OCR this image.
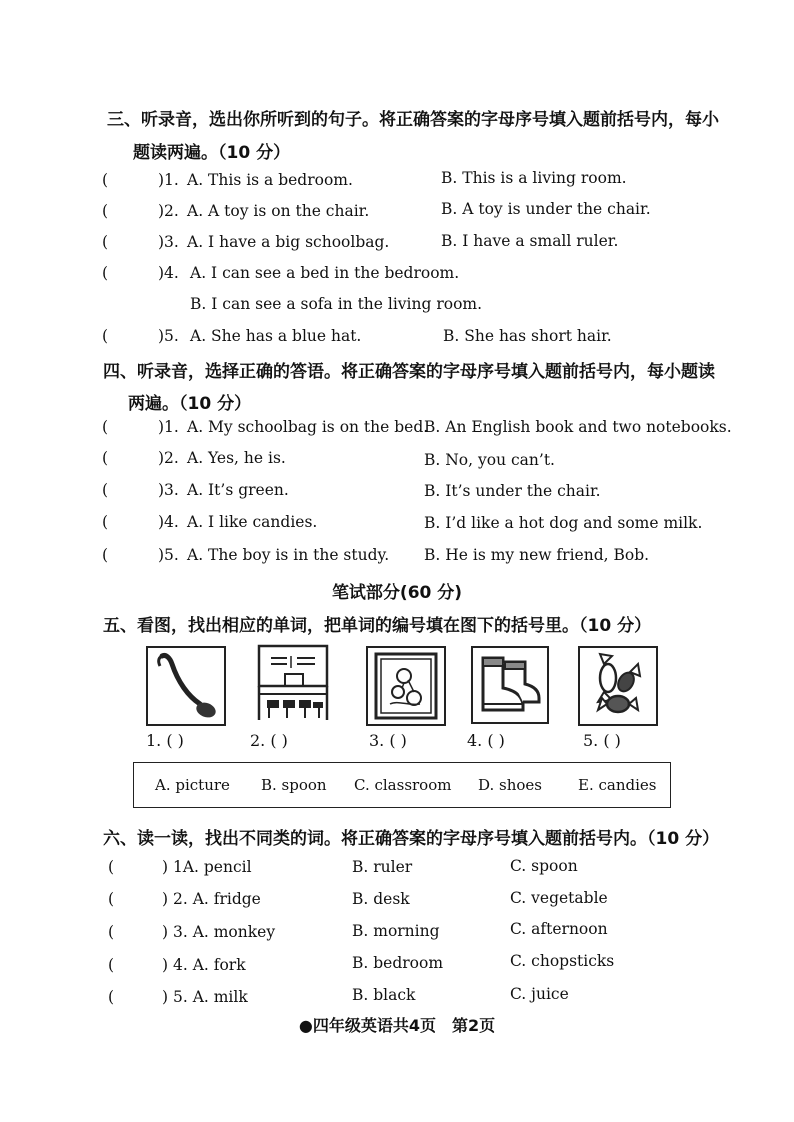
三、听录音，选出你所听到的句子。将正确答案的字母序号填入题前括号内，每小
题读两遍。（10 分）
(	)1. A. This is a bedroom.	B. This is a living room.
(	)2. A. A toy is on the chair.	B. A toy is under the chair.
(	)3. A. I have a big schoolbag.	B. I have a small ruler.
(	)4. A. I can see a bed in the bedroom.
B. I can see a sofa in the living room.
(	)5. A. She has a blue hat.	B. She has short hair.
四、听录音，选择正确的答语。将正确答案的字母序号填入题前括号内，每小题读
两遍。（10 分）
(	)1. A. My schoolbag is on the bed.
B. An English book and two notebooks.
(	)2. A. Yes, he is.	B. No, you can’t.
(	)3. A. It’s green.	B. It’s under the chair.
(	)4. A. I like candies.	B. I’d like a hot dog and some milk.
(	)5. A. The boy is in the study. B. He is my new friend, Bob.
笔试部分(60 分)
五、看图，找出相应的单词，把单词的编号填在图下的括号里。（10 分）
1. ( )	2. ( )	3. ( )	4. ( )	5. ( )
A. picture B. spoon C. classroom D. shoes E. candies
六、读一读，找出不同类的词。将正确答案的字母序号填入题前括号内。（10 分）
(	) 1A. pencil	B. ruler	C. spoon
(	) 2. A. fridge	B. desk	C. vegetable
(	) 3. A. monkey	B. morning	C. afternoon
(	) 4. A. fork	B. bedroom	C. chopsticks
(	) 5. A. milk	B. black	C. juice
●四年级英语共4页　第2页
